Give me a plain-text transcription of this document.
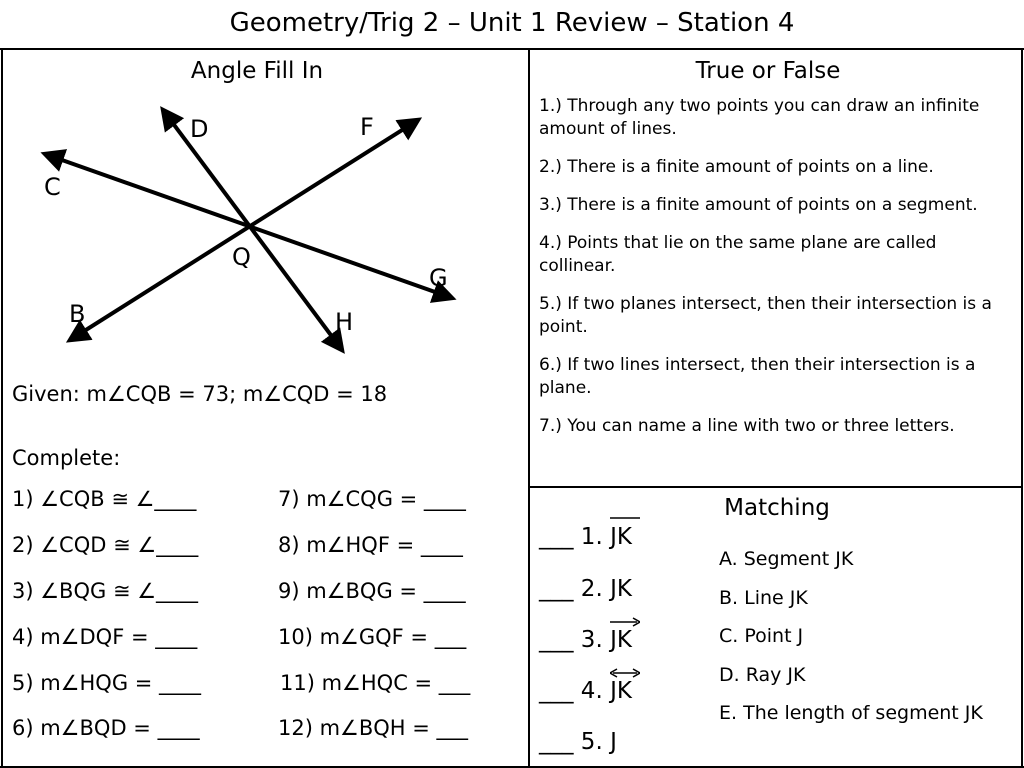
Geometry/Trig 2 – Unit 1 Review – Station 4
Angle Fill In
C
D	F
Q
G
B	H
Given: m∠CQB = 73; m∠CQD = 18
Complete:
1) ∠CQB ≅ ∠____
2) ∠CQD ≅ ∠____
3) ∠BQG ≅ ∠____
4) m∠DQF = ____
5) m∠HQG = ____
6) m∠BQD = ____
7) m∠CQG = ____
8) m∠HQF = ____
9) m∠BQG = ____
10) m∠GQF = ___
11) m∠HQC = ___
12) m∠BQH = ___
True or False
1.) Through any two points you can draw an infinite amount of lines.
2.) There is a finite amount of points on a line.
3.) There is a finite amount of points on a segment.
4.) Points that lie on the same plane are called collinear.
5.) If two planes intersect, then their intersection is a point.
6.) If two lines intersect, then their intersection is a plane.
7.) You can name a line with two or three letters.
Matching
___ 1.
JK
___ 2. JK
___ 3.
JK
___ 4.
JK
___ 5. J
A. Segment JK
B. Line JK
C. Point J
D. Ray JK
E. The length of segment JK
